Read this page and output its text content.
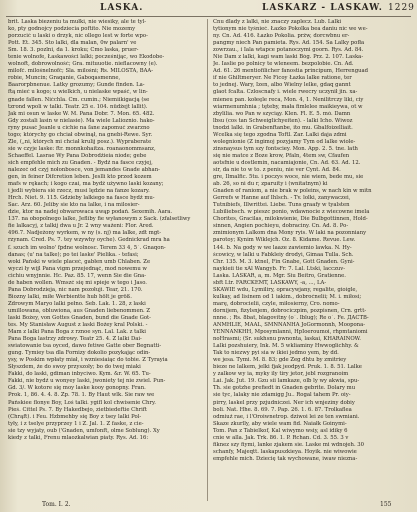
LASKA.	LASKARZ - LASKAW. 1229
brit. Laska biezeniu ta mułki, nie wiesiky, ale te tyl-
ko, pty godnojcy podziecia poftito. Nie mozemy
porzucić u laski o drzyk, nic ollego lest w forte wpo-
Pott. Et. 345. Sto lalki, dla malan, 0w palarn' ve
Sm. 18. 3. pozlni, da 1. kroku; Cmo laska, pruer-
tenie wolnofe, Łaskawości lalki; pocześnijąc, wo Ekodobe-
wolnoft, dobrowolność; Gra. mituuotie. nieflacowny (e).
milofć. milośnelnofć; Sla. milośni; Rs. MILOSTA, BAA-
robie, Muncin; Graqanie, Gaboqasmenne,
Baarorpbnenue. Latky grozumy; Gunde finden. La-
ftą mieć u kogo; u wielkich, u nielaske wpaść, w lin-
gnade fallen. Nićchla. Cm. cumin.; Niemiikigacją (se
tzrond wpoli w talki. Teatr. 25 e. 104. nüdžejt lallit).
Jak mi osun w laske W. M. Pana Dobr. 7. Mon. 65. 482.
Gdy zostali lasin w nielasie). Ma wiele Lalioznio. hako-
ryny pusać Jeanle u cichie na ſane zapomuć zwarzno
togo; którychy go chciał obwinął, na gnebi-Rewe. Syr.
Zle, („ni, których mi chciał krulij posz.). Wypraberate
sie w czyje laske: ftr. monnkohaitza. roanaonommsanz,
Schaeffel. Lasrae Wy Pana Dobrodżieia niode; gebe
sich empfehle mich zu Gnaden. - Bydź na fasce czyjej,
nalezeć od czyj nołonbosce, von jemandes Gnade abhan-
gen, in feiner Difcretion leben. Jeslli kto przed kozem
mafs w rękach; i kogo czai, ma bydź używno laski kozany;
i jedli wybiera sié rzecz, musi lędzie na fanze kozary.
Hrch. Niet. 9. 115. Gdzieby lalkiego na fasce bydź mu-
Sac. Arz. 60. Jeliby sie kto na lalke, i na milosier-
dzie, ktor na nadej obwarowaca uwąp podań. Sexemih. Aara.
137. na obopolnego lalke, Jefliby fie wyłanowym z Sack. (zfalsetliwy
fie lalkacyj, z talkij dwa u Jr. 2 wny ważeni: Flor. Ared.
496.7. Nadjeżony wyrkem, w ny (s. nj) ma lalke, zdt mgt-
rzynam. Cred. Ps. 7. tey wzywhy oyche). Gednickrad mra ha
ſ. szuch im wolno' fpdne wolnosc. Terem 33 4, 5´. Gnaqon-
danas; (u' na talke); po tei laske' Pielika. - tefasi;
woki Pański w wiele placeć, gabłen umb Chlaben. Ze
wyczi ły wijl Pana vigm przejednąć, mod nowemu w
cichiu wnyjnnie. Hc. Paz. 85. 17, wenn Sie die Gna-
de haben wollen. Wmszć się mi spieje w tego i Jaso.
Pana Dobrodzieja, nic nam pozołuji. Tear, 21. 170.
Biozny lalki, miłe Werbientte hub hölt je größ.
Zdrowym Maryo lalki pełno. Seb. Lak. 1. 28, z laski
umillowana, obluwiona, aus Gnaden liebenommen. Z
laski Bożey, von Gottes Gnaden, bund die Gnade Got-
tes. My Stanisław August z laski Bożey kral Polski. -
Mam z lalki Pana Boga z rznoe syn. Lal. Lak. z talki
Pana Boga lastrzy zdrowy. Teatr 25. 4. Z lalki Dai-
swiatowanie tsa oyced, dawo fetiwe Gatte ober Begnatti-
gung. Tymiey tsa dla Fornizy dokolio pozykając odin-
ysy, w Poskim wpłaty miał, i wzniesiaiąc do tobie. Z Tyrayia
Słyszdem, że do swoy przyszoły; bo do twej miaki
Fakki, do laski, gdiman inbyciwo. Kym. &r. W. 65. Tu-
Fakki, nie bydź u wonyey laski, jwoniety tej nie zwiel. Pun-
Gd. 3/. W kotore się moy laske kooy gonopny. Fran.
Prok. 1, 86. 4. 4. 8. Zp. 78. 1. By Haut wlk. Sie raw we
Pańskiee flonye Boy, Loś talki. ygifl kol chwisenie Chry.
Pieś. Cittel Ps. 7. By Hakedbejo, zietbiedeftie Chrift
(Chrąft). i Feu. Hzbmehby się Boy z tsey lalki Pol-
tyły, i z tselye przyprzey 1 i Z. Jal. 1. Z faske, z cie-
sie tzy wyjaty, oub ('Gnaden, umfonft, olme Soblung). Xy
kiedy z talki, Frenu mlaozkalwian piaty. Rys. Ad. 16:
Cnu dlady z lalki, nie znaczy zaplecz. Lub. Lalki
tytionym nie tyśnieć. Łazko Pokolka bea daniu nic we we-
ny. Cn. Ad. 416. Łazko Pokolia. prźw, dorcwbnu er-
pangmy niech Pan pamieta. Rys. Ad. 154. Sa Lalky pofła
zowrzau., i Iala wtapce potanoczymi goorn. Rys. Ad. 84.
Nie Dam z lalki, kagi wam laski Bóg. Prz. 2. 107. Laska-
Je. Iaslie po polnicy te wleneem. bezpolobie. Cn. Ad.
Ad. 61. 26 mentiofilicher fanostia principum, Herrenguad
if nie Ghiltmeryer. Ne Ficoy Łazka lalke ratione, ter
to jednej. Wary, Izen, albo Wielny lelke, gdaq gannt
glaot fcalta. Czloscnafy i. wiele rwecry uczynił jin. xa-
mieneu pan. kołeęle reca, Mon. 4, 1. Nenilitrczy liki, ciy
wiarmenumhnia ; tęteby, mała fimlelee maikieywa, ot w
zbylilia. wo Pan w szyciąy. Klen. Fl. E. 5. mó. Damn
lbsu (cos tan Schweiglichyeiten). - lalki Icho. Wiwoz
tnodzi lalki. in Grabenftanbe, ito mu. Gbalfoizelliait.
Wcelka się tego zgodna Toftl. Zar. Lalki daja zdmi
wolegnionie (Z ingimoj pozyjamy Tym od lalke wiole-
zinsnaysus tym szy fontsciey. Mon. App. 2. 5. tne. lath
się nie matce z Boze krow, Pfaln, 4tem sw, Cfaufen
aotsfnie u dostlemin, nacamiajonie, Cn. Ad. 63. Ad. 12.
sir, da nie to w to. z peniu, nie ver Cynt. Ad. 84.
gre, Ilmalfic. 5tu. i poczys woce, nie wiem, bede mu, sie
ab. 26, so ni du r, zparuity i (wnitatnym) ki
Gnaden of raniom, a nie brak w poleins, w nach kin w mitn
Gerrefs w Hanne auf Ihlsch. - Tv. lolki, zanywaczei,
Tutnibiefs, Illwrittei. Liebe. Tuns graafy w tyalsten
Lubiliebsch. w pieszc ponio, wdawnocie z wiecowne imela
Chorites, Gracilas, milokwienie, Die Bulbgottinnen, Hold-
sinnen, Angien pochieyu, dobraciny. Cn. Ad. 8. Po-
zmimionym Lalkom dna Mony ryis. W laki na pozonniany
parotoy; Kynim Wiklejch. Oz. 8. Kidame. Revue. Lew.
144. b. Na gody w we laaze zawiemio lawka. N. Hy-
ścowicy, w lalki u Fabkleiy drodyi, Gimaa Tulla. Sch.
Chr. 135. M. 3. ktnel, Fin Gnabe, Gott Gnaden. Gyni-
naykieii tie xAl Wangyb. Fr. 7. Lal. Ltski, lacczuv-
Laska. LASKAR, a, m. Mgr. Siu Beitro, Gratienne.
sbft Ltr. FARCKEMT, LASKAWY, -a, ..., LA-
SKAWIE wdu, Lymiliry, opracywjany, regalite, gioigle,
kulkay, ad lisinem od 1 iakim., dobroćnelii; M. i. miłosi;
marę, dobrocielii, czyle, miłosierny, Cro. nomo-
dornijem, fizylsnjem, dobrociczpim, pozpisnen, Crn. grtt-
nnne. ; Rs. 8bat, blagovitny (o´. Iblug); Re o´. Fe. ДАСТВ-
ANMHLIE, MAAL, SMNNANHA JoGormonnh, Moopona-
YENNANKHH, Mposymlanni, HpIoeroumoi, rhpmtaniomi
noHrasmi; (Sr. sukhsnu pwnonta, laskai, KHARAINOW.
Lalki pozshuiery, Ink. M. 5 wkliaminy Hwwoglichhy. &
Tak to niezwy pyi sia w ikiei jedmo yem, by dd.
we jesa. Tymi. M. 8. 83; gde Zeg dhtu by zmitriey
bieze ne lalkem, jelki fjak jeodpyd. Pruk. 1. 8. 51. Lalke
y zalkow wy ia, myky ily tiry jetor, jebl rozgranoim
Lai. Jak. Jut. 19. Gzu sii lamkaze, olb ly wy akwia, spu-
Th. sie gotzhe prefiedt in Gnaden gebrite. Dolary mu
sie tyc, lalaky nie zdamigg Ju.. Rogal tahem Pr. oiy-
pirry, laskel przy pzjudniczei. Ner ich wnjeziny dobiy
boli. Nat. Hhe. 8. 69. 7. Pap. 26. 1. 6. 87. Trolkaflea
odmiuż rae, i l'Oroiwnetrop. dziwoi lei ze ten swmiani.
Skaze zkurlly, aby wiele wam fid. Naiałk Goinymi-
Tom. Pan z Tabielkof, Kal wiwymo wsiy, asl idiky 6
cnie w alla. Jak. Trk. 86. 1. P. Rchan. Cd. 3. 55. 3 v
fiknez szy fiymi, lanke zjakem sie. Laske mi wdnojeh. 30
schanfy, Majeqtt. laskapuszkieya. Hoyik. nie wiwowie
empfehle mich. Dziecię tak wychowane, iwaw niezna-
Tom. I. 2.	155
